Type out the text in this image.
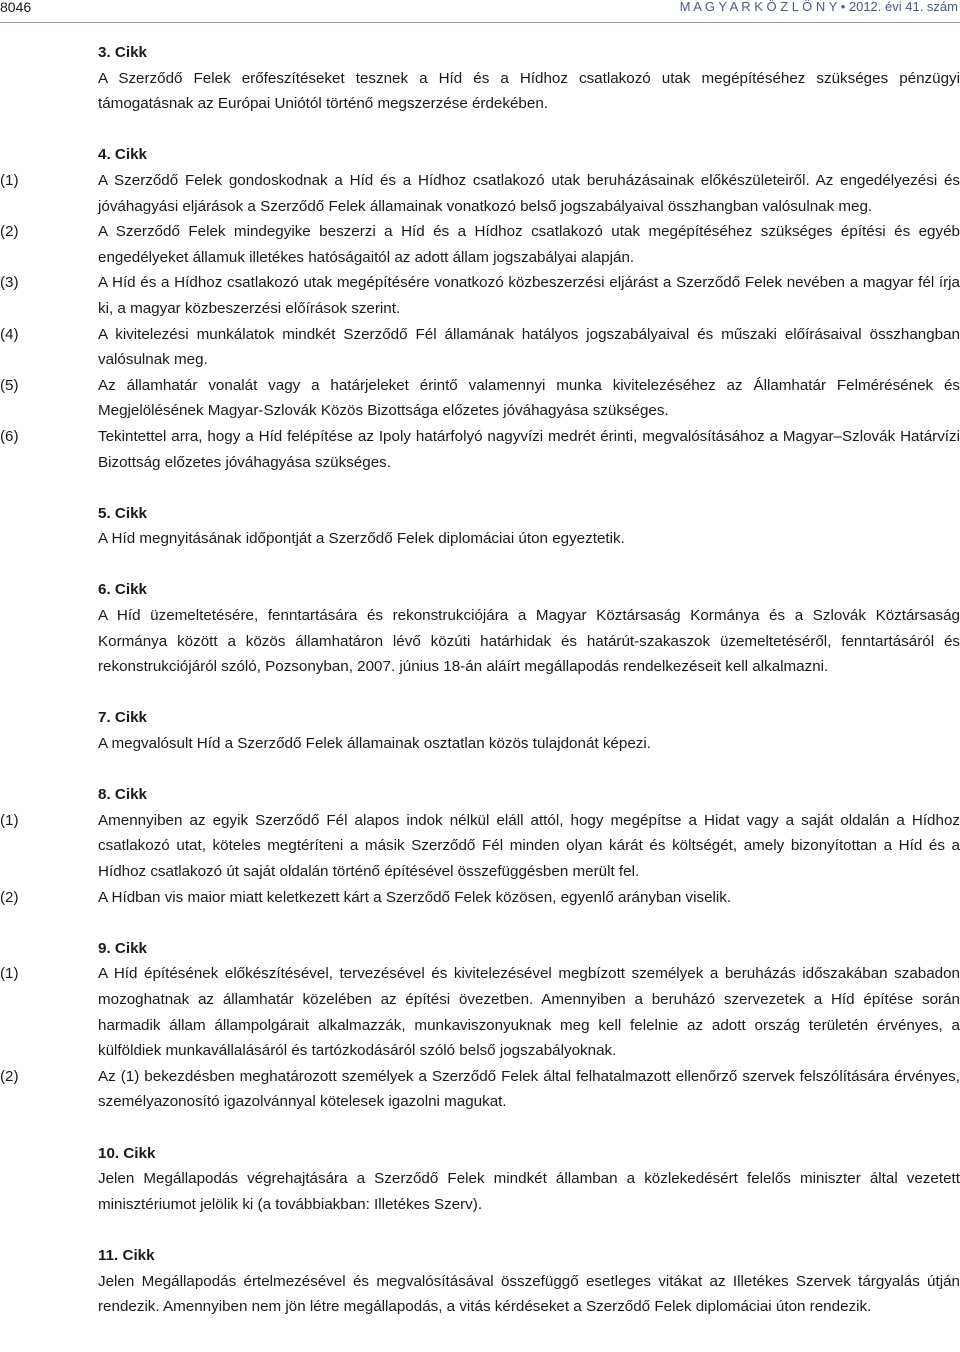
8046	M A G Y A R K Ö Z L Ö N Y • 2012. évi 41. szám
3. Cikk
A Szerződő Felek erőfeszítéseket tesznek a Híd és a Hídhoz csatlakozó utak megépítéséhez szükséges pénzügyi támogatásnak az Európai Uniótól történő megszerzése érdekében.
4. Cikk
(1)	A Szerződő Felek gondoskodnak a Híd és a Hídhoz csatlakozó utak beruházásainak előkészületeiről. Az engedélyezési és jóváhagyási eljárások a Szerződő Felek államainak vonatkozó belső jogszabályaival összhangban valósulnak meg.
(2)	A Szerződő Felek mindegyike beszerzi a Híd és a Hídhoz csatlakozó utak megépítéséhez szükséges építési és egyéb engedélyeket államuk illetékes hatóságaitól az adott állam jogszabályai alapján.
(3)	A Híd és a Hídhoz csatlakozó utak megépítésére vonatkozó közbeszerzési eljárást a Szerződő Felek nevében a magyar fél írja ki, a magyar közbeszerzési előírások szerint.
(4)	A kivitelezési munkálatok mindkét Szerződő Fél államának hatályos jogszabályaival és műszaki előírásaival összhangban valósulnak meg.
(5)	Az államhatár vonalát vagy a határjeleket érintő valamennyi munka kivitelezéséhez az Államhatár Felmérésének és Megjelölésének Magyar-Szlovák Közös Bizottsága előzetes jóváhagyása szükséges.
(6)	Tekintettel arra, hogy a Híd felépítése az Ipoly határfolyó nagyvízi medrét érinti, megvalósításához a Magyar–Szlovák Határvízi Bizottság előzetes jóváhagyása szükséges.
5. Cikk
A Híd megnyitásának időpontját a Szerződő Felek diplomáciai úton egyeztetik.
6. Cikk
A Híd üzemeltetésére, fenntartására és rekonstrukciójára a Magyar Köztársaság Kormánya és a Szlovák Köztársaság Kormánya között a közös államhatáron lévő közúti határhidak és határút-szakaszok üzemeltetéséről, fenntartásáról és rekonstrukciójáról szóló, Pozsonyban, 2007. június 18-án aláírt megállapodás rendelkezéseit kell alkalmazni.
7. Cikk
A megvalósult Híd a Szerződő Felek államainak osztatlan közös tulajdonát képezi.
8. Cikk
(1)	Amennyiben az egyik Szerződő Fél alapos indok nélkül eláll attól, hogy megépítse a Hidat vagy a saját oldalán a Hídhoz csatlakozó utat, köteles megtéríteni a másik Szerződő Fél minden olyan kárát és költségét, amely bizonyítottan a Híd és a Hídhoz csatlakozó út saját oldalán történő építésével összefüggésben merült fel.
(2)	A Hídban vis maior miatt keletkezett kárt a Szerződő Felek közösen, egyenlő arányban viselik.
9. Cikk
(1)	A Híd építésének előkészítésével, tervezésével és kivitelezésével megbízott személyek a beruházás időszakában szabadon mozoghatnak az államhatár közelében az építési övezetben. Amennyiben a beruházó szervezetek a Híd építése során harmadik állam állampolgárait alkalmazzák, munkaviszonyuknak meg kell felelnie az adott ország területén érvényes, a külföldiek munkavállalásáról és tartózkodásáról szóló belső jogszabályoknak.
(2)	Az (1) bekezdésben meghatározott személyek a Szerződő Felek által felhatalmazott ellenőrző szervek felszólítására érvényes, személyazonosító igazolvánnyal kötelesek igazolni magukat.
10. Cikk
Jelen Megállapodás végrehajtására a Szerződő Felek mindkét államban a közlekedésért felelős miniszter által vezetett minisztériumot jelölik ki (a továbbiakban: Illetékes Szerv).
11. Cikk
Jelen Megállapodás értelmezésével és megvalósításával összefüggő esetleges vitákat az Illetékes Szervek tárgyalás útján rendezik. Amennyiben nem jön létre megállapodás, a vitás kérdéseket a Szerződő Felek diplomáciai úton rendezik.
